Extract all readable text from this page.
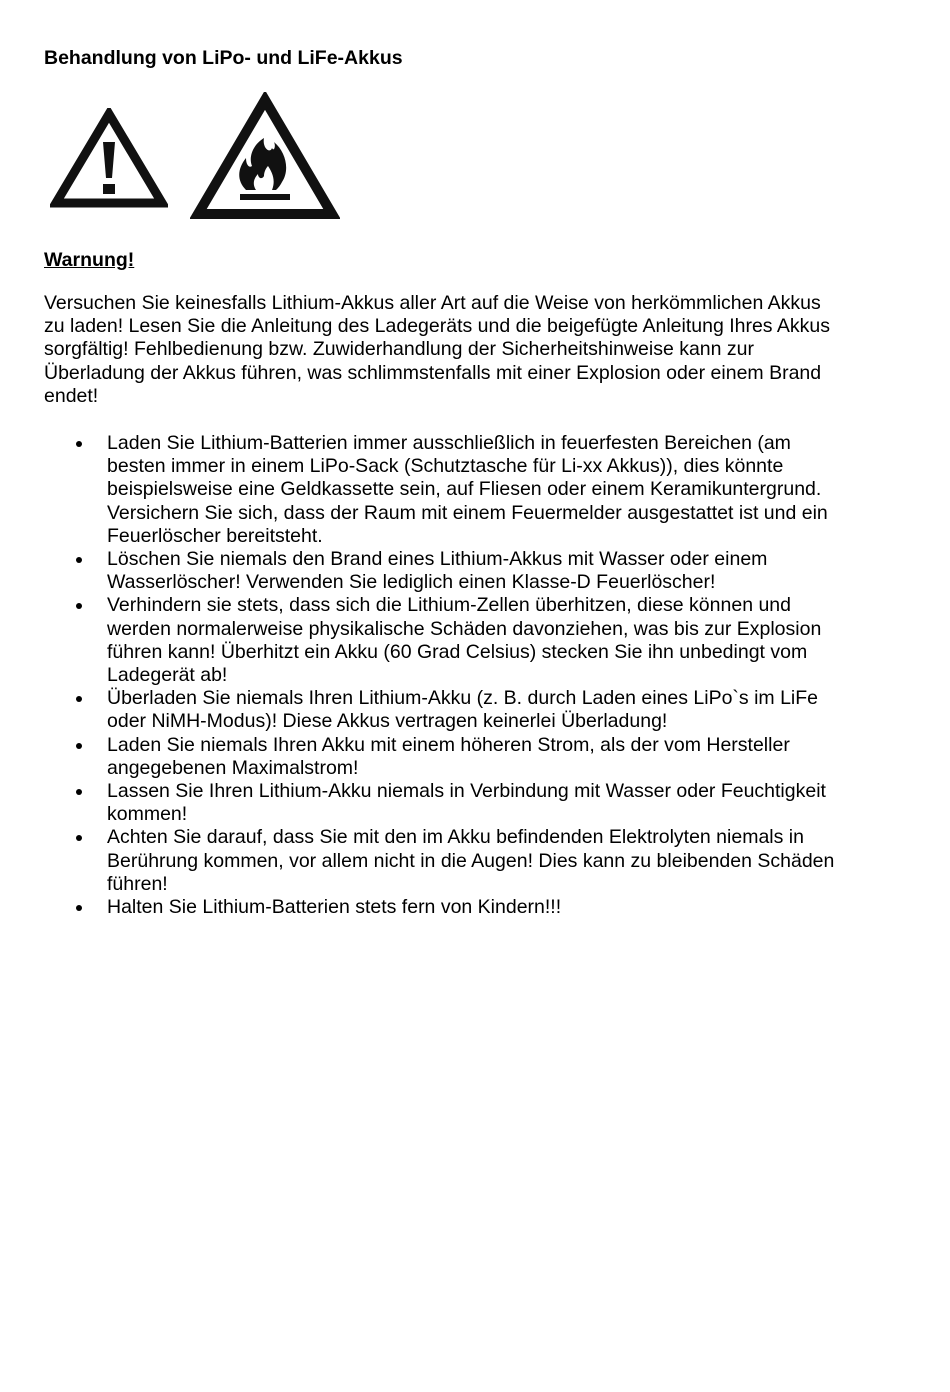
Behandlung von LiPo- und LiFe-Akkus
Warnung!

Versuchen Sie keinesfalls Lithium-Akkus aller Art auf die Weise von herkömmlichen Akkus zu laden! Lesen Sie die Anleitung des Ladegeräts und die beigefügte Anleitung Ihres Akkus sorgfältig! Fehlbedienung bzw. Zuwiderhandlung der Sicherheitshinweise kann zur Überladung der Akkus führen, was schlimmstenfalls mit einer Explosion oder einem Brand endet!

Laden Sie Lithium-Batterien immer ausschließlich in feuerfesten Bereichen (am besten immer in einem LiPo-Sack (Schutztasche für Li-xx Akkus)), dies könnte beispielsweise eine Geldkassette sein, auf Fliesen oder einem Keramikuntergrund. Versichern Sie sich, dass der Raum mit einem Feuermelder ausgestattet ist und ein Feuerlöscher bereitsteht.
Löschen Sie niemals den Brand eines Lithium-Akkus mit Wasser oder einem Wasserlöscher! Verwenden Sie lediglich einen Klasse-D Feuerlöscher!
Verhindern sie stets, dass sich die Lithium-Zellen überhitzen, diese können und werden normalerweise physikalische Schäden davonziehen, was bis zur Explosion führen kann! Überhitzt ein Akku (60 Grad Celsius) stecken Sie ihn unbedingt vom Ladegerät ab!
Überladen Sie niemals Ihren Lithium-Akku (z. B. durch Laden eines LiPo`s im LiFe oder NiMH-Modus)! Diese Akkus vertragen keinerlei Überladung!
Laden Sie niemals Ihren Akku mit einem höheren Strom, als der vom Hersteller angegebenen Maximalstrom!
Lassen Sie Ihren Lithium-Akku niemals in Verbindung mit Wasser oder Feuchtigkeit kommen!
Achten Sie darauf, dass Sie mit den im Akku befindenden Elektrolyten niemals in Berührung kommen, vor allem nicht in die Augen! Dies kann zu bleibenden Schäden führen!
Halten Sie Lithium-Batterien stets fern von Kindern!!!
